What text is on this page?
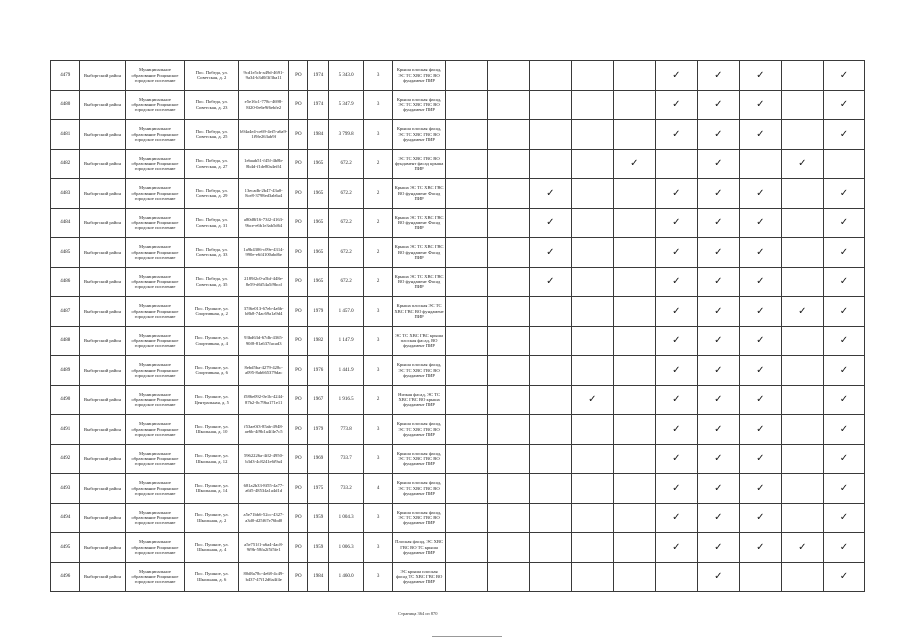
4479	Выборгский район	Муниципальное образование Рощинское городское поселение	Пос. Победа, ул. Советская, д. 2	9cd1e5cb-a49d-4691-9a34-b3d0f3f3ba11	РО	1974	5 343.0	3	Крыша плоская фасад, ЭС ТС ХВС ГВС ВО фундамент ПИР						✓	✓	✓		✓
4480	Выборгский район	Муниципальное образование Рощинское городское поселение	Пос. Победа, ул. Советская, д. 23	e5e16c1-778c-4698-8f20-0e6e9f6ebfe2	РО	1974	5 347.9	3	Крыша плоская фасад, ЭС ТС ХВС ГВС ВО фундамент ПИР						✓	✓	✓		✓
4481	Выборгский район	Муниципальное образование Рощинское городское поселение	Пос. Победа, ул. Советская, д. 25	b94a4e4-ce69-4ef5-a6a9-1f9fe263ab9f	РО	1984	3 799.8	3	Крыша плоская фасад, ЭС ТС ХВС ГВС ВО фундамент ПИР						✓	✓	✓		✓
4482	Выборгский район	Муниципальное образование Рощинское городское поселение	Пос. Победа, ул. Советская, д. 27	1ebaab51-f45f-4b8b-8b4d-f1de80a4eff4	РО	1965	672.2	2	ЭС ТС ХВС ГВС ВО фундамент фасад крыша ПИР					✓		✓		✓	
4483	Выборгский район	Муниципальное образование Рощинское городское поселение	Пос. Победа, ул. Советская, д. 29	13ecadb-2b47-43a0-8ce8-3798ed3ab6a4	РО	1965	672.2	2	Крыша ЭС ТС ХВС ГВС ВО фундамент Фасад ПИР			✓			✓	✓	✓		✓
4484	Выборгский район	Муниципальное образование Рощинское городское поселение	Пос. Победа, ул. Советская, д. 31	a80d8f16-73f2-4163-9bce-e6b1e3ab5d64	РО	1965	672.2	2	Крыша ЭС ТС ХВС ГВС ВО фундамент Фасад ПИР			✓			✓	✓	✓		✓
4485	Выборгский район	Муниципальное образование Рощинское городское поселение	Пос. Победа, ул. Советская, д. 33	1a9b4306-c09e-4314-990e-e6f4100abd6e	РО	1965	672.2	2	Крыша ЭС ТС ХВС ГВС ВО фундамент Фасад ПИР			✓			✓	✓	✓		✓
4486	Выборгский район	Муниципальное образование Рощинское городское поселение	Пос. Победа, ул. Советская, д. 35	2189f2c0-a5bf-448e-8e59-d6f54a5f9bcd	РО	1965	672.2	2	Крыша ЭС ТС ХВС ГВС ВО фундамент Фасад ПИР			✓			✓	✓	✓		✓
4487	Выборгский район	Муниципальное образование Рощинское городское поселение	Пос. Пушное, ул. Спортивная, д. 2	37f6e013-67eb-4a6b-b8b8-74ac69a1a9d4	РО	1979	1 457.0	3	Крыша плоская ЭС ТС ХВС ГВС ВО фундамент ПИР						✓	✓	✓	✓	✓
4488	Выборгский район	Муниципальное образование Рощинское городское поселение	Пос. Пушное, ул. Спортивная, д. 4	93bd63d-67db-4365-90f8-81a637facad3	РО	1982	1 147.9	3	ЭС ТС ХВС ГВС крыша плоская фасад, ВО фундамент ПИР						✓	✓	✓		✓
4489	Выборгский район	Муниципальное образование Рощинское городское поселение	Пос. Пушное, ул. Спортивная, д. 6	8ebd5ba-4279-428c-a095-8ab665379dac	РО	1976	1 441.9	3	Крыша плоская фасад, ЭС ТС ХВС ГВС ВО фундамент ПИР						✓	✓	✓		✓
4490	Выборгский район	Муниципальное образование Рощинское городское поселение	Пос. Пушное, ул. Центральная, д. 5	f586e092-0e1b-4244-87b2-0c79ba171e11	РО	1967	1 916.5	2	Низкая фасад, ЭС ТС ХВС ГВС ВО крыша фундамент ПИР				✓		✓	✓	✓		✓
4491	Выборгский район	Муниципальное образование Рощинское городское поселение	Пос. Пушное, ул. Школьная, д. 10	f53ae0f3-85ab-4948-ae6b-4f9b1a4f4e7c5	РО	1979	773.8	3	Крыша плоская фасад, ЭС ТС ХВС ГВС ВО фундамент ПИР						✓	✓	✓		✓
4492	Выборгский район	Муниципальное образование Рощинское городское поселение	Пос. Пушное, ул. Школьная, д. 12	5962226a-4ff2-4950-b3d3-4c8241e6f9a4	РО	1969	733.7	3	Крыша плоская фасад, ЭС ТС ХВС ГВС ВО фундамент ПИР						✓	✓	✓		✓
4493	Выборгский район	Муниципальное образование Рощинское городское поселение	Пос. Пушное, ул. Школьная, д. 14	681a2b33-8f55-4a77-a6f5-48534a1a4d1d	РО	1975	733.2	4	Крыша плоская фасад, ЭС ТС ХВС ГВС ВО фундамент ПИР						✓	✓	✓		✓
4494	Выборгский район	Муниципальное образование Рощинское городское поселение	Пос. Пушное, ул. Школьная, д. 2	a5e71bb6-52cc-4327-a3d0-d25f67e76bd0	РО	1959	1 004.3	3	Крыша плоская фасад, ЭС ТС ХВС ГВС ВО фундамент ПИР						✓	✓	✓		✓
4495	Выборгский район	Муниципальное образование Рощинское городское поселение	Пос. Пушное, ул. Школьная, д. 4	a5e751f1-a6a4-4ac8-9f9b-58fa2f5f5fe1	РО	1959	1 006.3	3	Плоская фасад, ЭС ХВС ГВС ВО ТС крыша фундамент ПИР						✓	✓	✓	✓	✓
4496	Выборгский район	Муниципальное образование Рощинское городское поселение	Пос. Пушное, ул. Школьная, д. 6	80d8a78c-4e68-4c49-b437-47f12d6a4f4e	РО	1984	1 460.0	3	ЭС крыша плоская фасад ТС ХВС ГВС ВО фундамент ПИР							✓			✓
Страница 364 из 870
